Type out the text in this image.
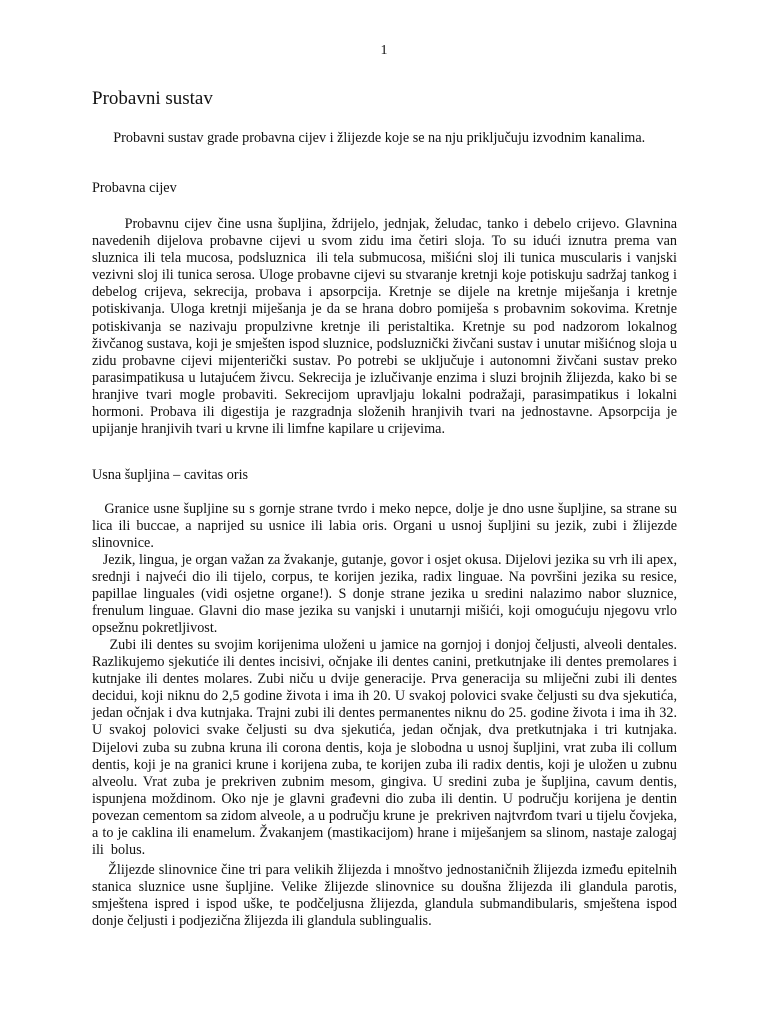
1
Probavni sustav

Probavni sustav grade probavna cijev i žlijezde koje se na nju priključuju izvodnim kanalima.

Probavna cijev

Probavnu cijev čine usna šupljina, ždrijelo, jednjak, želudac, tanko i debelo crijevo. Glavnina navedenih dijelova probavne cijevi u svom zidu ima četiri sloja. To su idući iznutra prema van sluznica ili tela mucosa, podsluznica  ili tela submucosa, mišićni sloj ili tunica muscularis i vanjski vezivni sloj ili tunica serosa. Uloge probavne cijevi su stvaranje kretnji koje potiskuju sadržaj tankog i debelog crijeva, sekrecija, probava i apsorpcija. Kretnje se dijele na kretnje miješanja i kretnje potiskivanja. Uloga kretnji miješanja je da se hrana dobro pomiješa s probavnim sokovima. Kretnje potiskivanja se nazivaju propulzivne kretnje ili peristaltika. Kretnje su pod nadzorom lokalnog živčanog sustava, koji je smješten ispod sluznice, podsluznički živčani sustav i unutar mišićnog sloja u zidu probavne cijevi mijenterički sustav. Po potrebi se uključuje i autonomni živčani sustav preko parasimpatikusa u lutajućem živcu. Sekrecija je izlučivanje enzima i sluzi brojnih žlijezda, kako bi se hranjive tvari mogle probaviti. Sekrecijom upravljaju lokalni podražaji, parasimpatikus i lokalni hormoni. Probava ili digestija je razgradnja složenih hranjivih tvari na jednostavne. Apsorpcija je upijanje hranjivih tvari u krvne ili limfne kapilare u crijevima.

Usna šupljina – cavitas oris

Granice usne šupljine su s gornje strane tvrdo i meko nepce, dolje je dno usne šupljine, sa strane su lica ili buccae, a naprijed su usnice ili labia oris. Organi u usnoj šupljini su jezik, zubi i žlijezde slinovnice.

Jezik, lingua, je organ važan za žvakanje, gutanje, govor i osjet okusa. Dijelovi jezika su vrh ili apex, srednji i najveći dio ili tijelo, corpus, te korijen jezika, radix linguae. Na površini jezika su resice, papillae linguales (vidi osjetne organe!). S donje strane jezika u sredini nalazimo nabor sluznice, frenulum linguae. Glavni dio mase jezika su vanjski i unutarnji mišići, koji omogućuju njegovu vrlo opsežnu pokretljivost.

Zubi ili dentes su svojim korijenima uloženi u jamice na gornjoj i donjoj čeljusti, alveoli dentales. Razlikujemo sjekutiće ili dentes incisivi, očnjake ili dentes canini, pretkutnjake ili dentes premolares i kutnjake ili dentes molares. Zubi niču u dvije generacije. Prva generacija su mliječni zubi ili dentes decidui, koji niknu do 2,5 godine života i ima ih 20. U svakoj polovici svake čeljusti su dva sjekutića, jedan očnjak i dva kutnjaka. Trajni zubi ili dentes permanentes niknu do 25. godine života i ima ih 32. U svakoj polovici svake čeljusti su dva sjekutića, jedan očnjak, dva pretkutnjaka i tri kutnjaka. Dijelovi zuba su zubna kruna ili corona dentis, koja je slobodna u usnoj šupljini, vrat zuba ili collum dentis, koji je na granici krune i korijena zuba, te korijen zuba ili radix dentis, koji je uložen u zubnu alveolu. Vrat zuba je prekriven zubnim mesom, gingiva. U sredini zuba je šupljina, cavum dentis, ispunjena moždinom. Oko nje je glavni građevni dio zuba ili dentin. U području korijena je dentin povezan cementom sa zidom alveole, a u području krune je  prekriven najtvrđom tvari u tijelu čovjeka, a to je caklina ili enamelum. Žvakanjem (mastikacijom) hrane i miješanjem sa slinom, nastaje zalogaj ili  bolus.

Žlijezde slinovnice čine tri para velikih žlijezda i mnoštvo jednostaničnih žlijezda između epitelnih stanica sluznice usne šupljine. Velike žlijezde slinovnice su doušna žlijezda ili glandula parotis, smještena ispred i ispod uške, te podčeljusna žlijezda, glandula submandibularis, smještena ispod donje čeljusti i podjezična žlijezda ili glandula sublingualis.
